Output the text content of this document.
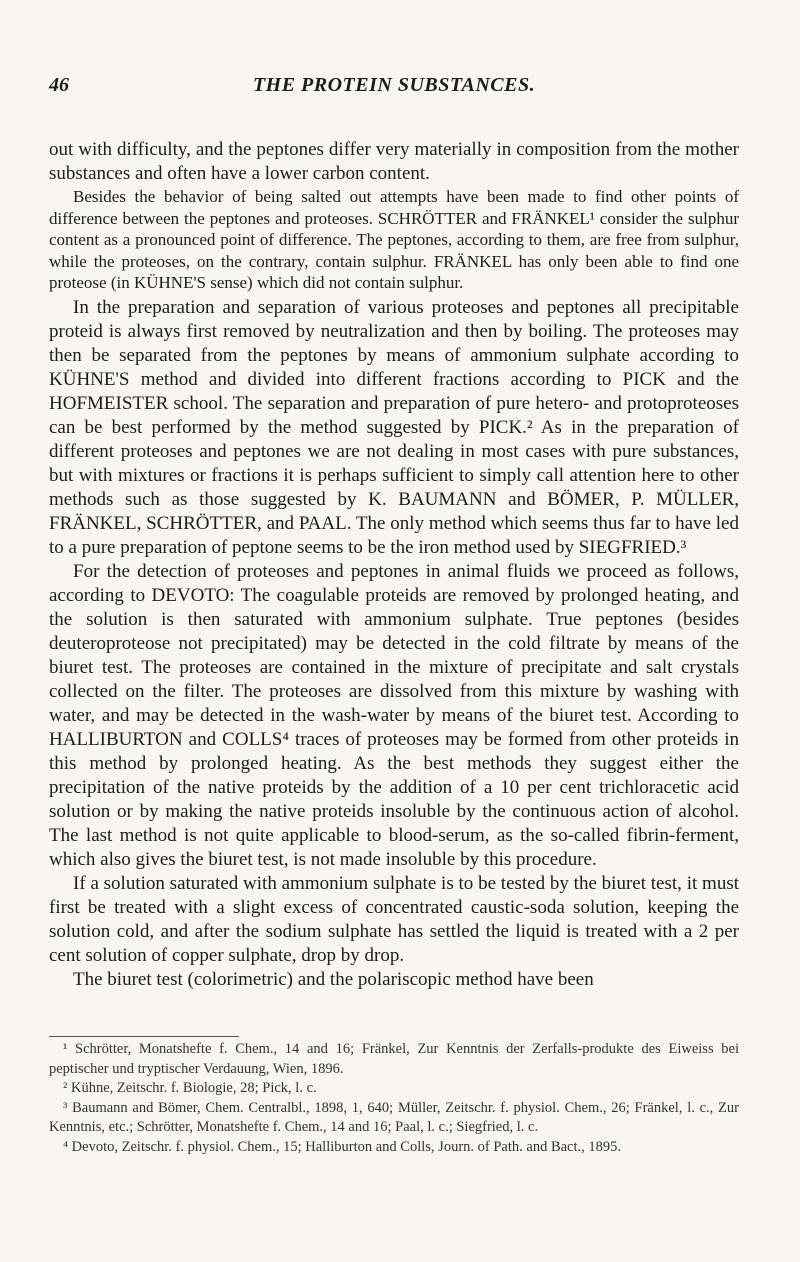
46	THE PROTEIN SUBSTANCES.

out with difficulty, and the peptones differ very materially in composition from the mother substances and often have a lower carbon content.

Besides the behavior of being salted out attempts have been made to find other points of difference between the peptones and proteoses. SCHRÖTTER and FRÄNKEL¹ consider the sulphur content as a pronounced point of difference. The peptones, according to them, are free from sulphur, while the proteoses, on the contrary, contain sulphur. FRÄNKEL has only been able to find one proteose (in KÜHNE'S sense) which did not contain sulphur.

In the preparation and separation of various proteoses and peptones all precipitable proteid is always first removed by neutralization and then by boiling. The proteoses may then be separated from the peptones by means of ammonium sulphate according to KÜHNE'S method and divided into different fractions according to PICK and the HOFMEISTER school. The separation and preparation of pure hetero- and protoproteoses can be best performed by the method suggested by PICK.² As in the preparation of different proteoses and peptones we are not dealing in most cases with pure substances, but with mixtures or fractions it is perhaps sufficient to simply call attention here to other methods such as those suggested by K. BAUMANN and BÖMER, P. MÜLLER, FRÄNKEL, SCHRÖTTER, and PAAL. The only method which seems thus far to have led to a pure preparation of peptone seems to be the iron method used by SIEGFRIED.³

For the detection of proteoses and peptones in animal fluids we proceed as follows, according to DEVOTO: The coagulable proteids are removed by prolonged heating, and the solution is then saturated with ammonium sulphate. True peptones (besides deuteroproteose not precipitated) may be detected in the cold filtrate by means of the biuret test. The proteoses are contained in the mixture of precipitate and salt crystals collected on the filter. The proteoses are dissolved from this mixture by washing with water, and may be detected in the wash-water by means of the biuret test. According to HALLIBURTON and COLLS⁴ traces of proteoses may be formed from other proteids in this method by prolonged heating. As the best methods they suggest either the precipitation of the native proteids by the addition of a 10 per cent trichloracetic acid solution or by making the native proteids insoluble by the continuous action of alcohol. The last method is not quite applicable to blood-serum, as the so-called fibrin-ferment, which also gives the biuret test, is not made insoluble by this procedure.

If a solution saturated with ammonium sulphate is to be tested by the biuret test, it must first be treated with a slight excess of concentrated caustic-soda solution, keeping the solution cold, and after the sodium sulphate has settled the liquid is treated with a 2 per cent solution of copper sulphate, drop by drop.

The biuret test (colorimetric) and the polariscopic method have been

¹ Schrötter, Monatshefte f. Chem., 14 and 16; Fränkel, Zur Kenntnis der Zerfalls-produkte des Eiweiss bei peptischer und tryptischer Verdauung, Wien, 1896.

² Kühne, Zeitschr. f. Biologie, 28; Pick, l. c.

³ Baumann and Bömer, Chem. Centralbl., 1898, 1, 640; Müller, Zeitschr. f. physiol. Chem., 26; Fränkel, l. c., Zur Kenntnis, etc.; Schrötter, Monatshefte f. Chem., 14 and 16; Paal, l. c.; Siegfried, l. c.

⁴ Devoto, Zeitschr. f. physiol. Chem., 15; Halliburton and Colls, Journ. of Path. and Bact., 1895.
